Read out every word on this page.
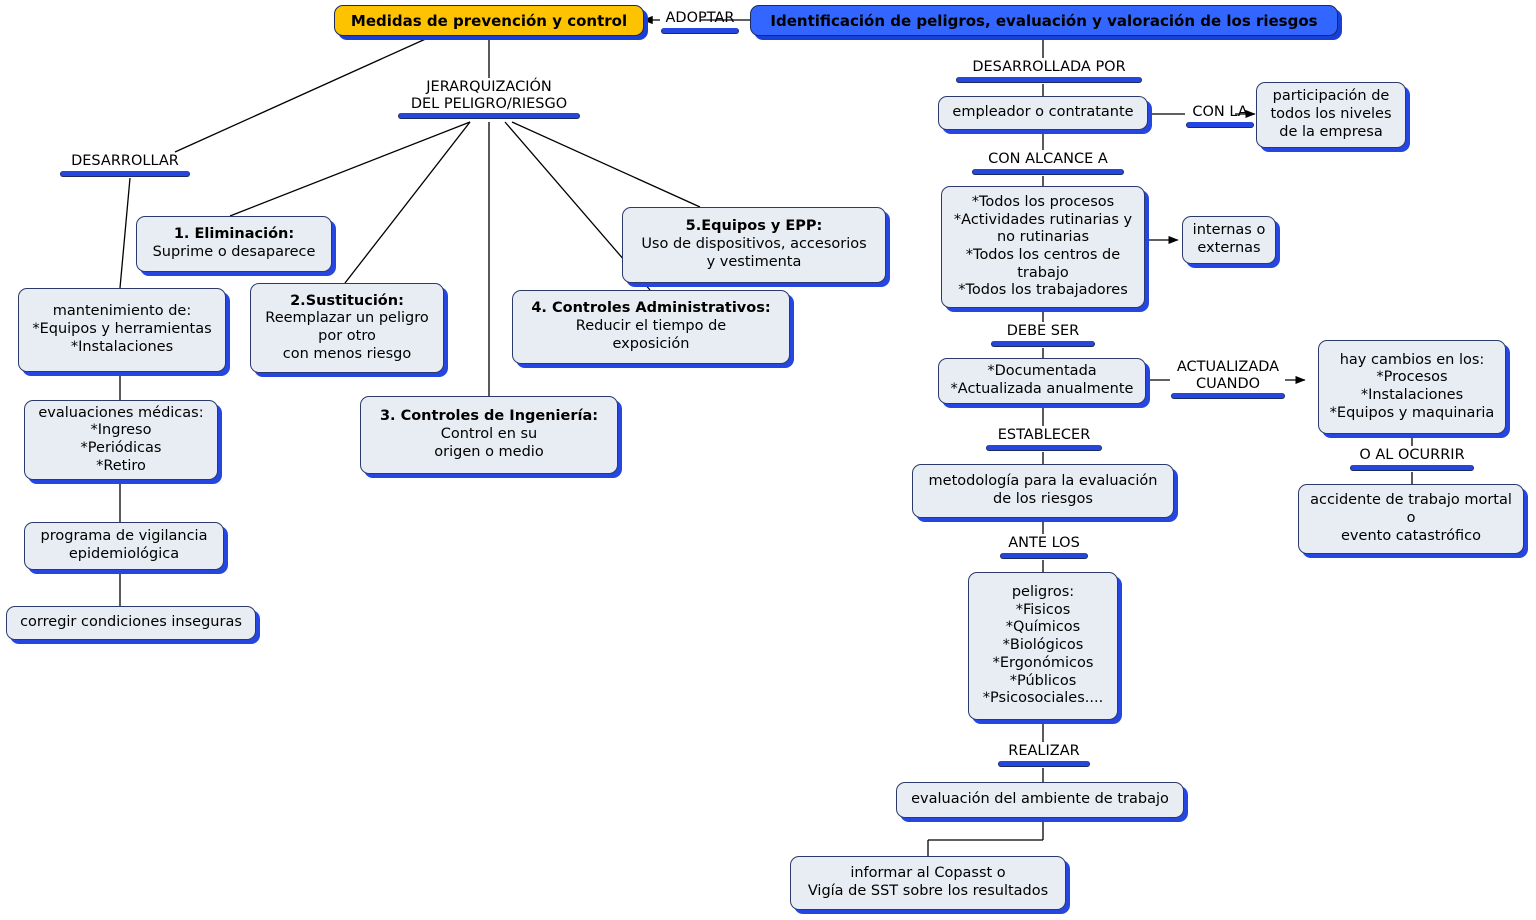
Medidas de prevención y control	Identificación de peligros, evaluación y valoración de los riesgos
ADOPTAR
JERARQUIZACIÓN
DEL PELIGRO/RIESGO
DESARROLLAR
DESARROLLADA POR
CON LA
CON ALCANCE A
DEBE SER
ACTUALIZADA
CUANDO
ESTABLECER
O AL OCURRIR
ANTE LOS
REALIZAR
1. Eliminación:
Suprime o desaparece
2.Sustitución:
Reemplazar un peligro
por otro
con menos riesgo
3. Controles de Ingeniería:
Control en su
origen o medio
4. Controles Administrativos:
Reducir el tiempo de
exposición
5.Equipos y EPP:
Uso de dispositivos, accesorios
y vestimenta
mantenimiento de:
*Equipos y herramientas
*Instalaciones
evaluaciones médicas:
*Ingreso
*Periódicas
*Retiro
programa de vigilancia
epidemiológica
corregir condiciones inseguras
empleador o contratante
participación de
todos los niveles
de la empresa
*Todos los procesos
*Actividades rutinarias y
no rutinarias
*Todos los centros de
trabajo
*Todos los trabajadores
internas o
externas
*Documentada
*Actualizada anualmente
hay cambios en los:
*Procesos
*Instalaciones
*Equipos y maquinaria
accidente de trabajo mortal
o
evento catastrófico
metodología para la evaluación
de los riesgos
peligros:
*Fisicos
*Químicos
*Biológicos
*Ergonómicos
*Públicos
*Psicosociales....
evaluación del ambiente de trabajo
informar al Copasst o
Vigía de SST sobre los resultados
